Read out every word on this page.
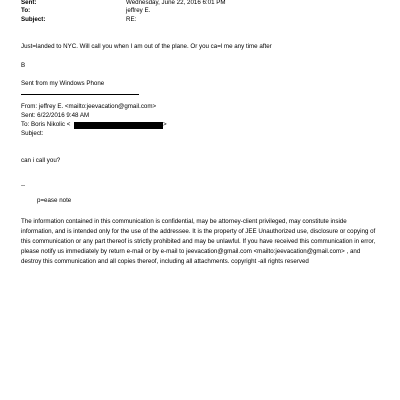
Sent:	Wednesday, June 22, 2016 6:01 PM
To:	jeffrey E.
Subject:	RE:
Just=landed to NYC. Will call you when I am out of the plane. Or you ca=l me any time after
B
Sent from my Windows Phone
From: jeffrey E. <mailto:jeevacation@gmail.com>
Sent: 6/22/2016 9:48 AM
To: Boris Nikolic <	>
Subject:
can i call you?
--
p=ease note
The information contained in this communication is confidential, may be attorney-client privileged, may constitute inside information, and is intended only for the use of the addressee. It is the property of JEE Unauthorized use, disclosure or copying of this communication or any part thereof is strictly prohibited and may be unlawful. If you have received this communication in error, please notify us immediately by return e-mail or by e-mail to jeevacation@gmail.com <mailto:jeevacation@gmail.com> , and destroy this communication and all copies thereof, including all attachments. copyright -all rights reserved
